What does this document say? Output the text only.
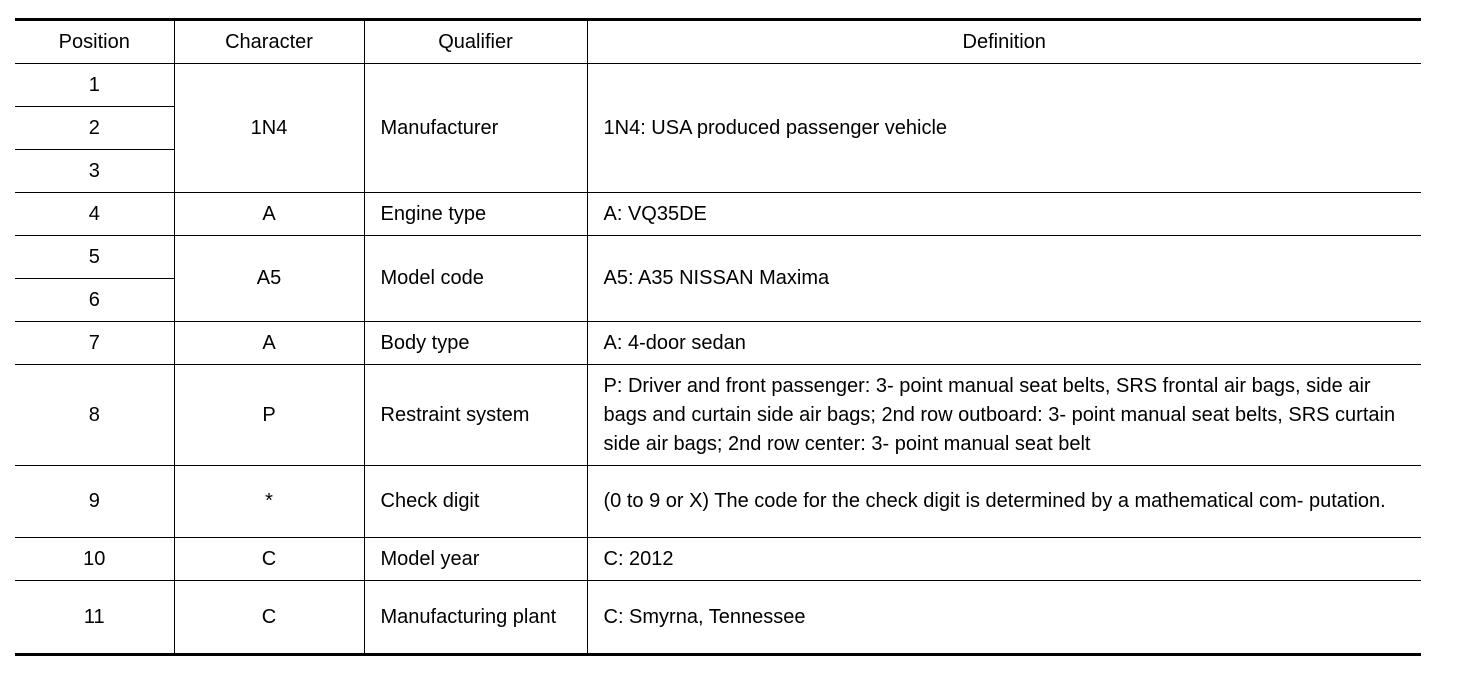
Position	Character	Qualifier	Definition
1	1N4	Manufacturer	1N4: USA produced passenger vehicle
2			
3			
4	A	Engine type	A: VQ35DE
5	A5	Model code	A5: A35 NISSAN Maxima
6			
7	A	Body type	A: 4-door sedan
8	P	Restraint system	P: Driver and front passenger: 3- point manual seat belts, SRS frontal air bags, side air bags and curtain side air bags; 2nd row outboard: 3- point manual seat belts, SRS curtain side air bags; 2nd row center: 3- point manual seat belt
9	*	Check digit	(0 to 9 or X) The code for the check digit is determined by a mathematical com- putation.
10	C	Model year	C: 2012
11	C	Manufacturing plant	C: Smyrna, Tennessee
